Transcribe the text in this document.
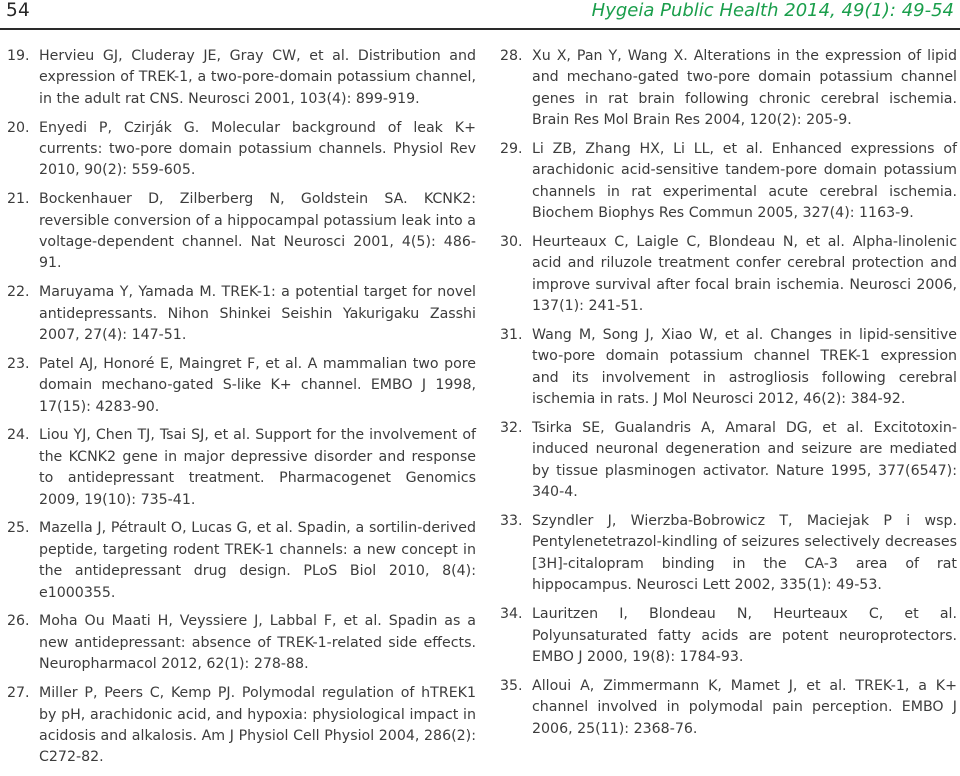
54	Hygeia Public Health 2014, 49(1): 49-54
19. Hervieu GJ, Cluderay JE, Gray CW, et al. Distribution and expression of TREK-1, a two-pore-domain potassium channel, in the adult rat CNS. Neurosci 2001, 103(4): 899-919.
20. Enyedi P, Czirják G. Molecular background of leak K+ currents: two-pore domain potassium channels. Physiol Rev 2010, 90(2): 559-605.
21. Bockenhauer D, Zilberberg N, Goldstein SA. KCNK2: reversible conversion of a hippocampal potassium leak into a voltage-dependent channel. Nat Neurosci 2001, 4(5): 486-91.
22. Maruyama Y, Yamada M. TREK-1: a potential target for novel antidepressants. Nihon Shinkei Seishin Yakurigaku Zasshi 2007, 27(4): 147-51.
23. Patel AJ, Honoré E, Maingret F, et al. A mammalian two pore domain mechano-gated S-like K+ channel. EMBO J 1998, 17(15): 4283-90.
24. Liou YJ, Chen TJ, Tsai SJ, et al. Support for the involvement of the KCNK2 gene in major depressive disorder and response to antidepressant treatment. Pharmacogenet Genomics 2009, 19(10): 735-41.
25. Mazella J, Pétrault O, Lucas G, et al. Spadin, a sortilin-derived peptide, targeting rodent TREK-1 channels: a new concept in the antidepressant drug design. PLoS Biol 2010, 8(4): e1000355.
26. Moha Ou Maati H, Veyssiere J, Labbal F, et al. Spadin as a new antidepressant: absence of TREK-1-related side effects. Neuropharmacol 2012, 62(1): 278-88.
27. Miller P, Peers C, Kemp PJ. Polymodal regulation of hTREK1 by pH, arachidonic acid, and hypoxia: physiological impact in acidosis and alkalosis. Am J Physiol Cell Physiol 2004, 286(2): C272-82.
28. Xu X, Pan Y, Wang X. Alterations in the expression of lipid and mechano-gated two-pore domain potassium channel genes in rat brain following chronic cerebral ischemia. Brain Res Mol Brain Res 2004, 120(2): 205-9.
29. Li ZB, Zhang HX, Li LL, et al. Enhanced expressions of arachidonic acid-sensitive tandem-pore domain potassium channels in rat experimental acute cerebral ischemia. Biochem Biophys Res Commun 2005, 327(4): 1163-9.
30. Heurteaux C, Laigle C, Blondeau N, et al. Alpha-linolenic acid and riluzole treatment confer cerebral protection and improve survival after focal brain ischemia. Neurosci 2006, 137(1): 241-51.
31. Wang M, Song J, Xiao W, et al. Changes in lipid-sensitive two-pore domain potassium channel TREK-1 expression and its involvement in astrogliosis following cerebral ischemia in rats. J Mol Neurosci 2012, 46(2): 384-92.
32. Tsirka SE, Gualandris A, Amaral DG, et al. Excitotoxin-induced neuronal degeneration and seizure are mediated by tissue plasminogen activator. Nature 1995, 377(6547): 340-4.
33. Szyndler J, Wierzba-Bobrowicz T, Maciejak P i wsp. Pentylenetetrazol-kindling of seizures selectively decreases [3H]-citalopram binding in the CA-3 area of rat hippocampus. Neurosci Lett 2002, 335(1): 49-53.
34. Lauritzen I, Blondeau N, Heurteaux C, et al. Polyunsaturated fatty acids are potent neuroprotectors. EMBO J 2000, 19(8): 1784-93.
35. Alloui A, Zimmermann K, Mamet J, et al. TREK-1, a K+ channel involved in polymodal pain perception. EMBO J 2006, 25(11): 2368-76.
